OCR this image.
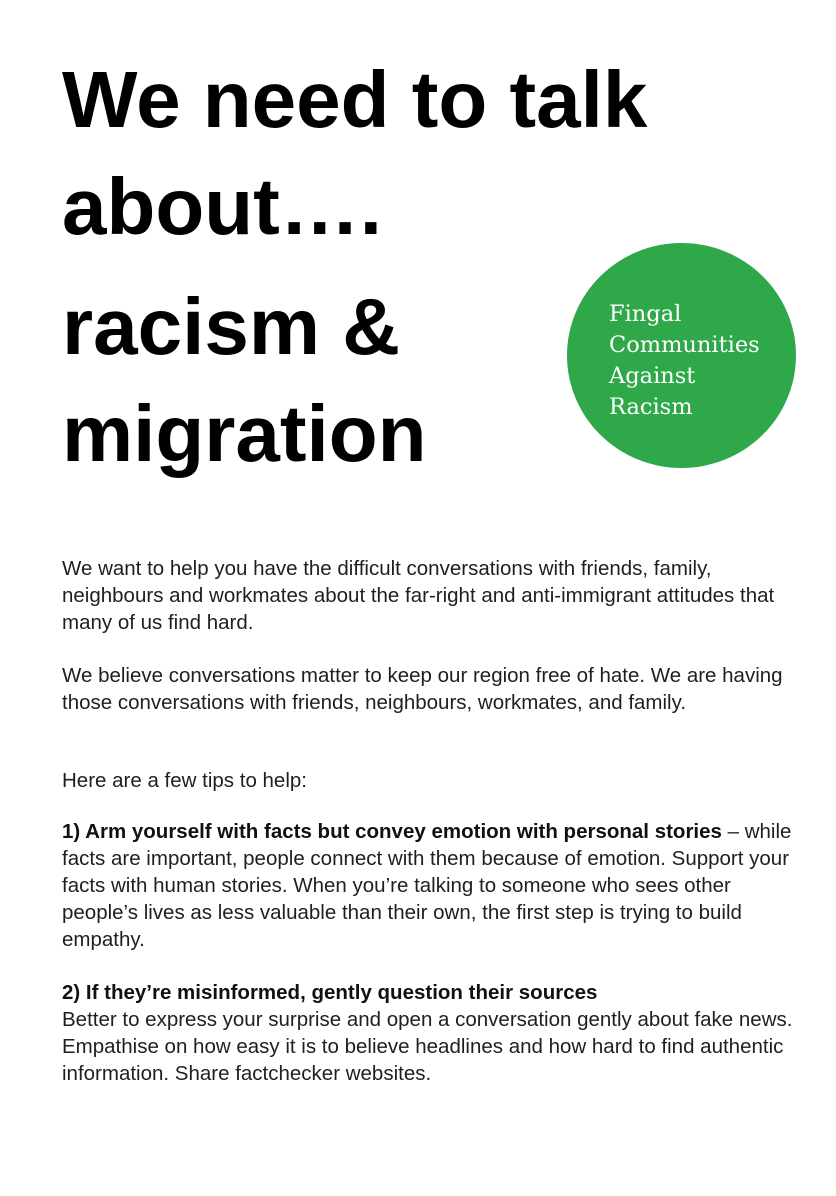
We need to talk
about….
racism &
migration
Fingal
Communities
Against
Racism

We want to help you have the difficult conversations with friends, family, neighbours and workmates about the far-right and anti-immigrant attitudes that many of us find hard.

We believe conversations matter to keep our region free of hate. We are having those conversations with friends, neighbours, workmates, and family.

Here are a few tips to help:

1) Arm yourself with facts but convey emotion with personal stories – while facts are important, people connect with them because of emotion. Support your facts with human stories. When you’re talking to someone who sees other people’s lives as less valuable than their own, the first step is trying to build empathy.

2) If they’re misinformed, gently question their sources
Better to express your surprise and open a conversation gently about fake news. Empathise on how easy it is to believe headlines and how hard to find authentic information. Share factchecker websites.
